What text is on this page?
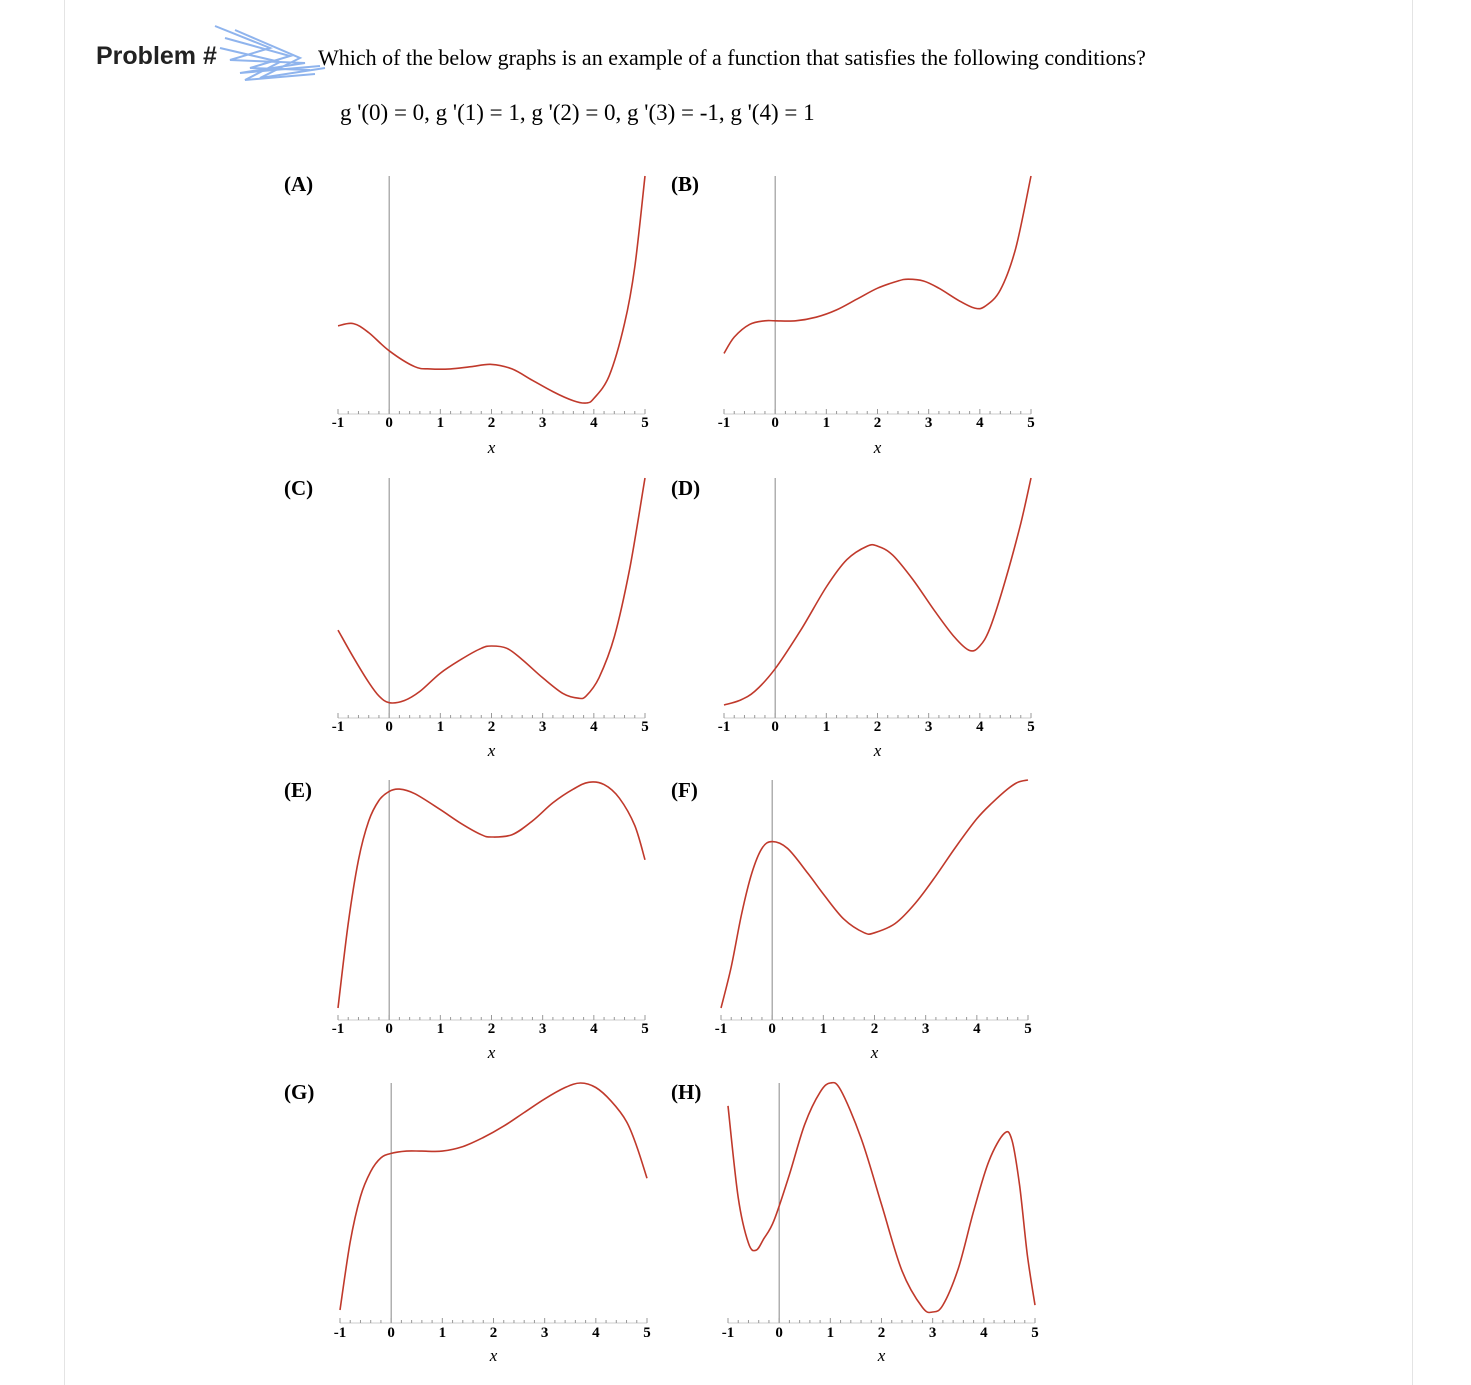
Problem #	Which of the below graphs is an example of a function that satisfies the following conditions?
g '(0) = 0, g '(1) = 1, g '(2) = 0, g '(3) = -1, g '(4) = 1
(A)	(B)
(C)	(D)
(E)	(F)
(G)	(H)
-1	0	1	2	3	4	5
x
-1	0	1	2	3	4	5
x
-1	0	1	2	3	4	5
x
-1	0	1	2	3	4	5
x
-1	0	1	2	3	4	5
x
-1	0	1	2	3	4	5
x
-1	0	1	2	3	4	5
x
-1	0	1	2	3	4	5
x
